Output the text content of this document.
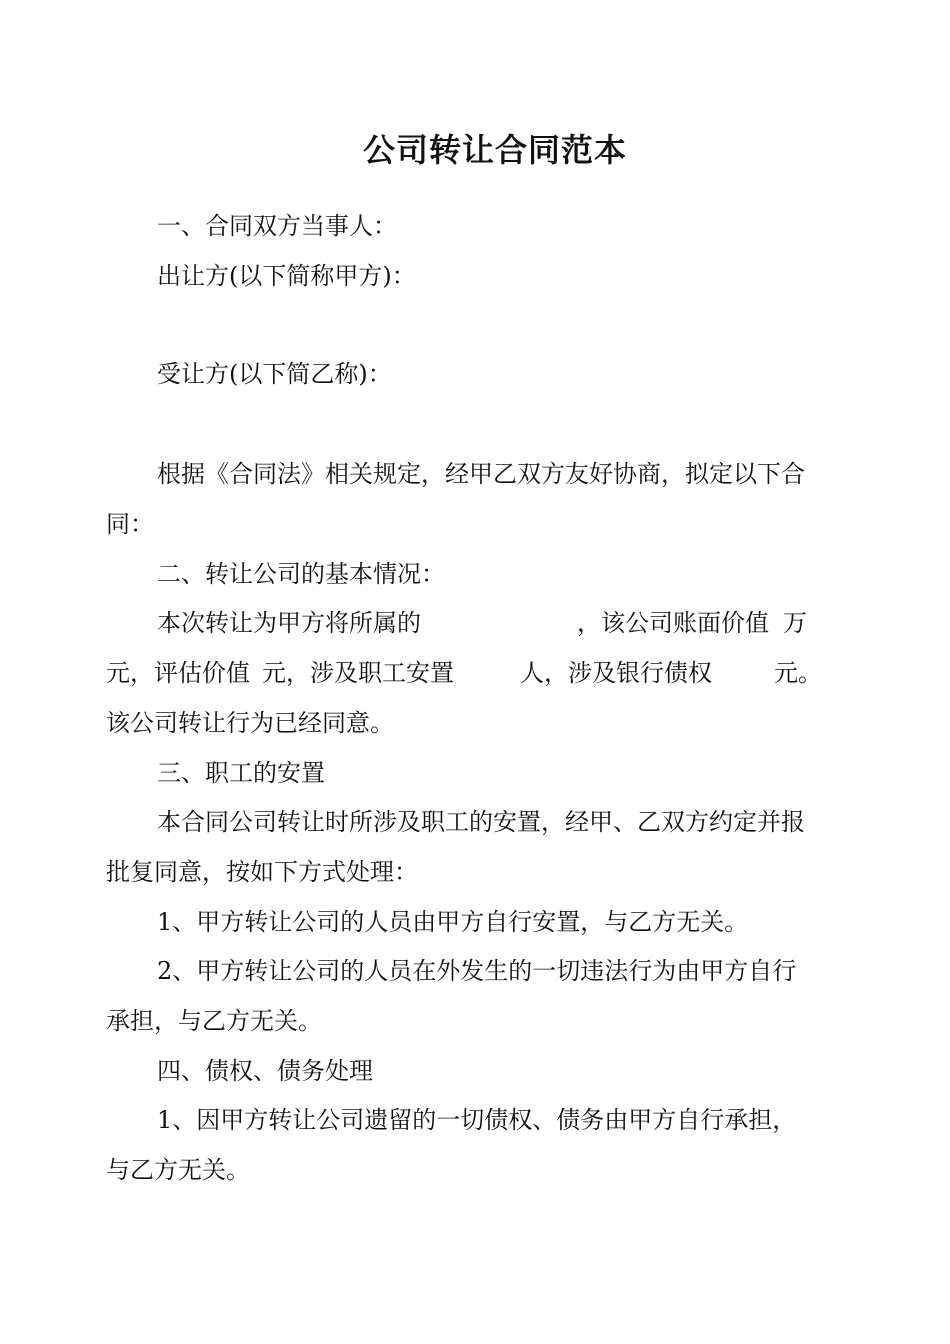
公司转让合同范本
一、合同双方当事人：
出让方(以下简称甲方)：
受让方(以下简乙称)：
根据《合同法》相关规定，经甲乙双方友好协商，拟定以下合
同：
二、转让公司的基本情况：
本次转让为甲方将所属的	，该公司账面价值 万
元，评估价值 元，涉及职工安置	人，涉及银行债权	元。
该公司转让行为已经同意。
三、职工的安置
本合同公司转让时所涉及职工的安置，经甲、乙双方约定并报
批复同意，按如下方式处理：
1、甲方转让公司的人员由甲方自行安置，与乙方无关。
2、甲方转让公司的人员在外发生的一切违法行为由甲方自行
承担，与乙方无关。
四、债权、债务处理
1、因甲方转让公司遗留的一切债权、债务由甲方自行承担，
与乙方无关。
